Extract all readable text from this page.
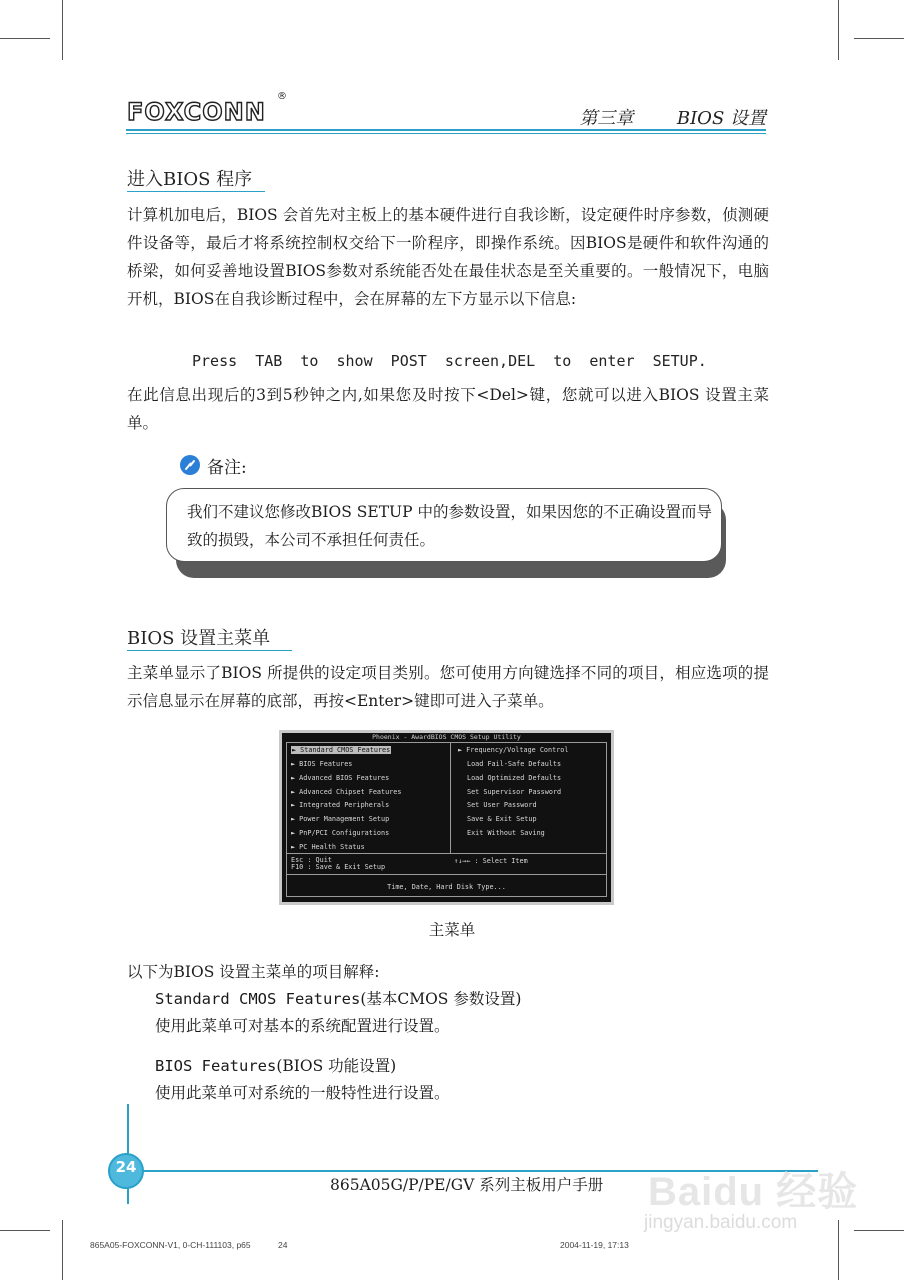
FOXCONN
®
第三章 BIOS 设置
进入BIOS 程序
计算机加电后，BIOS 会首先对主板上的基本硬件进行自我诊断，设定硬件时序参数，侦测硬件设备等，最后才将系统控制权交给下一阶程序，即操作系统。因BIOS是硬件和软件沟通的桥梁，如何妥善地设置BIOS参数对系统能否处在最佳状态是至关重要的。一般情况下，电脑开机，BIOS在自我诊断过程中，会在屏幕的左下方显示以下信息:
Press  TAB  to  show  POST  screen,DEL  to  enter  SETUP.
在此信息出现后的3到5秒钟之内,如果您及时按下<Del>键，您就可以进入BIOS 设置主菜单。
备注:
我们不建议您修改BIOS SETUP 中的参数设置，如果因您的不正确设置而导致的损毁，本公司不承担任何责任。
BIOS 设置主菜单
主菜单显示了BIOS 所提供的设定项目类别。您可使用方向键选择不同的项目，相应选项的提示信息显示在屏幕的底部，再按<Enter>键即可进入子菜单。
Phoenix - AwardBIOS CMOS Setup Utility
► Standard CMOS Features
► BIOS Features
► Advanced BIOS Features
► Advanced Chipset Features
► Integrated Peripherals
► Power Management Setup
► PnP/PCI Configurations
► PC Health Status
► Frequency/Voltage Control
Load Fail-Safe Defaults
Load Optimized Defaults
Set Supervisor Password
Set User Password
Save & Exit Setup
Exit Without Saving
Esc : Quit
F10 : Save & Exit Setup
↑↓→← : Select Item
Time, Date, Hard Disk Type...
主菜单
以下为BIOS 设置主菜单的项目解释:
Standard CMOS Features(基本CMOS 参数设置)
使用此菜单可对基本的系统配置进行设置。
BIOS Features(BIOS 功能设置)
使用此菜单可对系统的一般特性进行设置。
24
865A05G/P/PE/GV 系列主板用户手册
865A05-FOXCONN-V1, 0-CH-111103, p65	24	2004-11-19, 17:13
Baidu 经验
jingyan.baidu.com
